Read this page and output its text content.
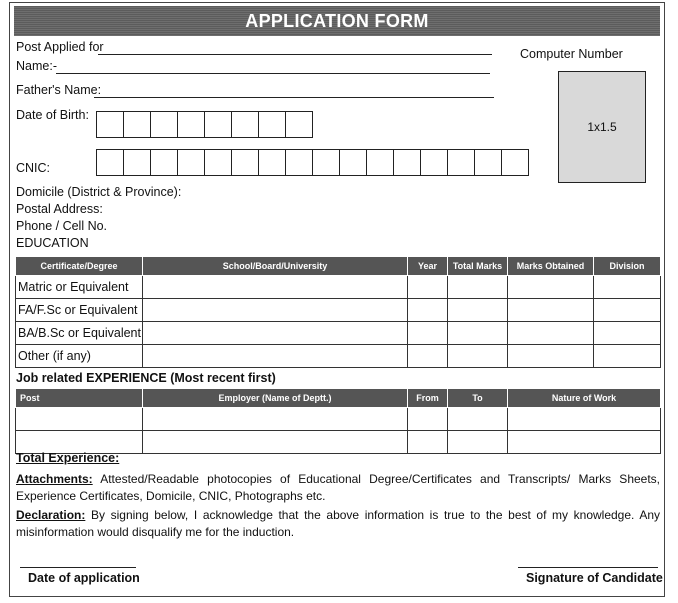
APPLICATION FORM
Post Applied for
Name:-
Father's Name:
Date of Birth:
CNIC:
Domicile (District & Province):
Postal Address:
Phone / Cell No.
EDUCATION
Computer Number
1x1.5
Certificate/Degree	School/Board/University	Year	Total Marks	Marks Obtained	Division
Matric or Equivalent					
FA/F.Sc or Equivalent					
BA/B.Sc or Equivalent					
Other (if any)					
Job related EXPERIENCE (Most recent first)
Post	Employer (Name of Deptt.)	From	To	Nature of Work

Total Experience:
Attachments: Attested/Readable photocopies of Educational Degree/Certificates and Transcripts/ Marks Sheets, Experience Certificates, Domicile, CNIC, Photographs etc.
Declaration: By signing below, I acknowledge that the above information is true to the best of my knowledge. Any misinformation would disqualify me for the induction.
Date of application	Signature of Candidate
